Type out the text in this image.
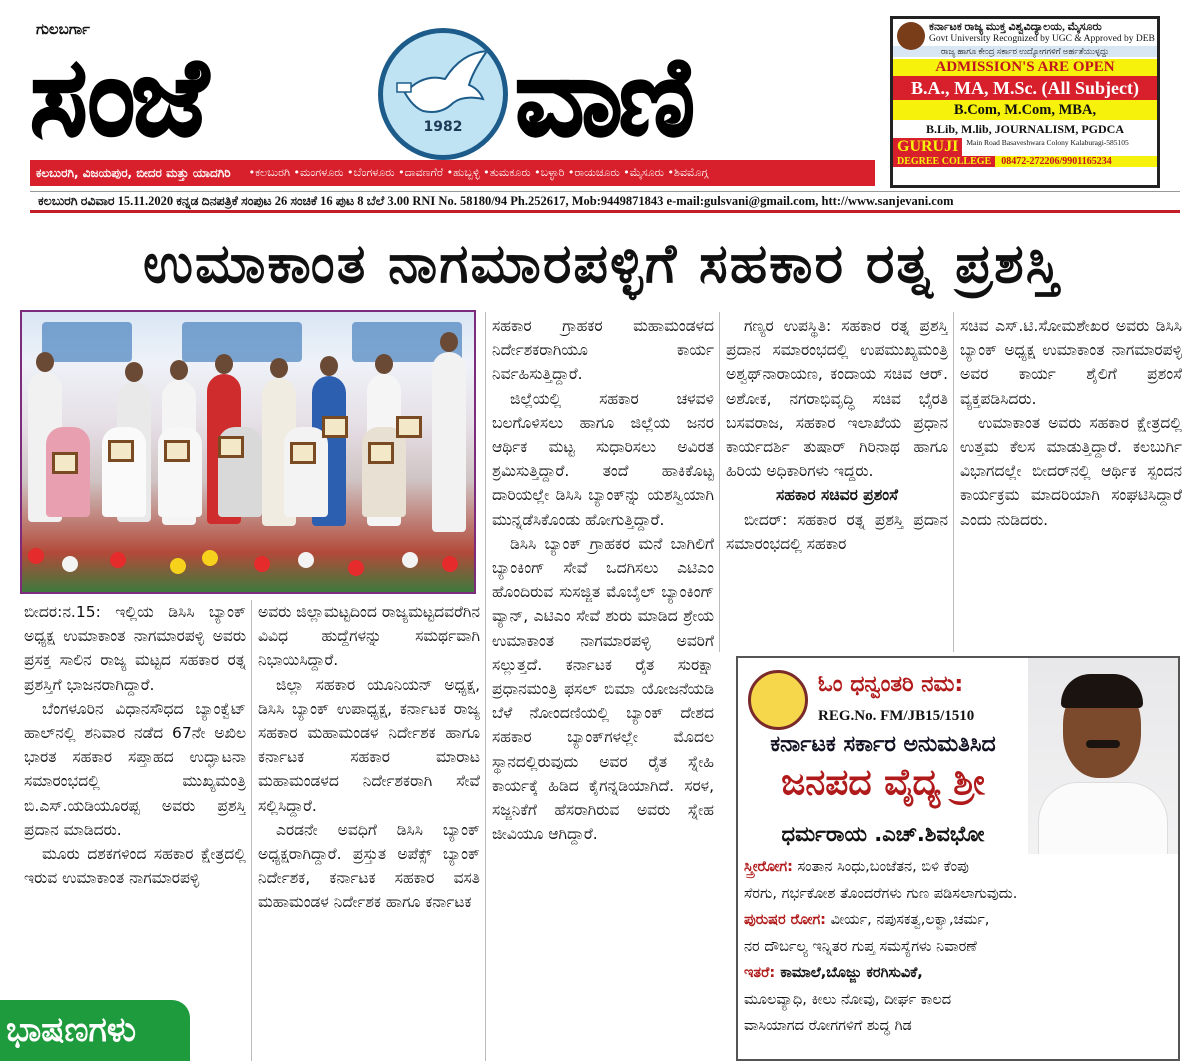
ಗುಲಬರ್ಗಾ
ಸಂಜೆ	1982 ವಾಣಿ
ಕಲಬುರಗಿ, ವಿಜಯಪುರ, ಬೀದರ ಮತ್ತು ಯಾದಗಿರಿ •ಕಲಬುರಗಿ •ಮಂಗಳೂರು •ಬೆಂಗಳೂರು •ದಾವಣಗೆರೆ •ಹುಬ್ಬಳ್ಳಿ •ತುಮಕೂರು •ಬಳ್ಳಾರಿ •ರಾಯಚೂರು •ಮೈಸೂರು •ಶಿವಮೊಗ್ಗ
ಕಲಬುರಗಿ ರವಿವಾರ 15.11.2020 ಕನ್ನಡ ದಿನಪತ್ರಿಕೆ ಸಂಪುಟ 26 ಸಂಚಿಕೆ 16 ಪುಟ 8 ಬೆಲೆ 3.00 RNI No. 58180/94 Ph.252617, Mob:9449871843 e-mail:gulsvani@gmail.com, htt://www.sanjevani.com
ಕರ್ನಾಟಕ ರಾಜ್ಯ ಮುಕ್ತ ವಿಶ್ವವಿದ್ಯಾಲಯ, ಮೈಸೂರು
Govt University Recognized by UGC & Approved by DEB
ರಾಜ್ಯ ಹಾಗೂ ಕೇಂದ್ರ ಸರ್ಕಾರ ಉದ್ಯೋಗಗಳಿಗೆ ಅರ್ಹತೆಯುಳ್ಳದ್ದು
ADMISSION'S ARE OPEN
B.A., MA, M.Sc. (All Subject)
B.Com, M.Com, MBA,
B.Lib, M.lib, JOURNALISM, PGDCA
GURUJI	Main Road Basaveshwara Colony Kalaburagi-585105
DEGREE COLLEGE	08472-272206/9901165234
ಉಮಾಕಾಂತ ನಾಗಮಾರಪಳ್ಳಿಗೆ ಸಹಕಾರ ರತ್ನ ಪ್ರಶಸ್ತಿ

ಬೀದರ:ನ.15: ಇಲ್ಲಿಯ ಡಿಸಿಸಿ ಬ್ಯಾಂಕ್ ಅಧ್ಯಕ್ಷ ಉಮಾಕಾಂತ ನಾಗಮಾರಪಳ್ಳಿ ಅವರು ಪ್ರಸಕ್ತ ಸಾಲಿನ ರಾಜ್ಯ ಮಟ್ಟದ ಸಹಕಾರ ರತ್ನ ಪ್ರಶಸ್ತಿಗೆ ಭಾಜನರಾಗಿದ್ದಾರೆ.

ಬೆಂಗಳೂರಿನ ವಿಧಾನಸೌಧದ ಬ್ಯಾಂಕ್ವೆಟ್ ಹಾಲ್‌ನಲ್ಲಿ ಶನಿವಾರ ನಡೆದ 67ನೇ ಅಖಿಲ ಭಾರತ ಸಹಕಾರ ಸಪ್ತಾಹದ ಉದ್ಘಾಟನಾ ಸಮಾರಂಭದಲ್ಲಿ ಮುಖ್ಯಮಂತ್ರಿ ಬಿ.ಎಸ್.ಯಡಿಯೂರಪ್ಪ ಅವರು ಪ್ರಶಸ್ತಿ ಪ್ರದಾನ ಮಾಡಿದರು.

ಮೂರು ದಶಕಗಳಿಂದ ಸಹಕಾರ ಕ್ಷೇತ್ರದಲ್ಲಿ ಇರುವ ಉಮಾಕಾಂತ ನಾಗಮಾರಪಳ್ಳಿ

ಅವರು ಜಿಲ್ಲಾಮಟ್ಟದಿಂದ ರಾಜ್ಯಮಟ್ಟದವರೆಗಿನ ವಿವಿಧ ಹುದ್ದೆಗಳನ್ನು ಸಮರ್ಥವಾಗಿ ನಿಭಾಯಿಸಿದ್ದಾರೆ.

ಜಿಲ್ಲಾ ಸಹಕಾರ ಯೂನಿಯನ್ ಅಧ್ಯಕ್ಷ, ಡಿಸಿಸಿ ಬ್ಯಾಂಕ್ ಉಪಾಧ್ಯಕ್ಷ, ಕರ್ನಾಟಕ ರಾಜ್ಯ ಸಹಕಾರ ಮಹಾಮಂಡಳ ನಿರ್ದೇಶಕ ಹಾಗೂ ಕರ್ನಾಟಕ ಸಹಕಾರ ಮಾರಾಟ ಮಹಾಮಂಡಳದ ನಿರ್ದೇಶಕರಾಗಿ ಸೇವೆ ಸಲ್ಲಿಸಿದ್ದಾರೆ.

ಎರಡನೇ ಅವಧಿಗೆ ಡಿಸಿಸಿ ಬ್ಯಾಂಕ್ ಅಧ್ಯಕ್ಷರಾಗಿದ್ದಾರೆ. ಪ್ರಸ್ತುತ ಅಪೆಕ್ಸ್ ಬ್ಯಾಂಕ್ ನಿರ್ದೇಶಕ, ಕರ್ನಾಟಕ ಸಹಕಾರ ವಸತಿ ಮಹಾಮಂಡಳ ನಿರ್ದೇಶಕ ಹಾಗೂ ಕರ್ನಾಟಕ

ಸಹಕಾರ ಗ್ರಾಹಕರ ಮಹಾಮಂಡಳದ ನಿರ್ದೇಶಕರಾಗಿಯೂ ಕಾರ್ಯ ನಿರ್ವಹಿಸುತ್ತಿದ್ದಾರೆ.

ಜಿಲ್ಲೆಯಲ್ಲಿ ಸಹಕಾರ ಚಳವಳಿ ಬಲಗೊಳಿಸಲು ಹಾಗೂ ಜಿಲ್ಲೆಯ ಜನರ ಆರ್ಥಿಕ ಮಟ್ಟ ಸುಧಾರಿಸಲು ಅವಿರತ ಶ್ರಮಿಸುತ್ತಿದ್ದಾರೆ. ತಂದೆ ಹಾಕಿಕೊಟ್ಟ ದಾರಿಯಲ್ಲೇ ಡಿಸಿಸಿ ಬ್ಯಾಂಕ್‌ನ್ನು ಯಶಸ್ವಿಯಾಗಿ ಮುನ್ನಡೆಸಿಕೊಂಡು ಹೋಗುತ್ತಿದ್ದಾರೆ.

ಡಿಸಿಸಿ ಬ್ಯಾಂಕ್ ಗ್ರಾಹಕರ ಮನೆ ಬಾಗಿಲಿಗೆ ಬ್ಯಾಂಕಿಂಗ್ ಸೇವೆ ಒದಗಿಸಲು ಎಟಿಎಂ ಹೊಂದಿರುವ ಸುಸಜ್ಜಿತ ಮೊಬೈಲ್ ಬ್ಯಾಂಕಿಂಗ್ ವ್ಯಾನ್, ಎಟಿಎಂ ಸೇವೆ ಶುರು ಮಾಡಿದ ಶ್ರೇಯ ಉಮಾಕಾಂತ ನಾಗಮಾರಪಳ್ಳಿ ಅವರಿಗೆ ಸಲ್ಲುತ್ತದೆ. ಕರ್ನಾಟಕ ರೈತ ಸುರಕ್ಷಾ ಪ್ರಧಾನಮಂತ್ರಿ ಫಸಲ್ ಬಿಮಾ ಯೋಜನೆಯಡಿ ಬೆಳೆ ನೋಂದಣಿಯಲ್ಲಿ ಬ್ಯಾಂಕ್ ದೇಶದ ಸಹಕಾರ ಬ್ಯಾಂಕ್‌ಗಳಲ್ಲೇ ಮೊದಲ ಸ್ಥಾನದಲ್ಲಿರುವುದು ಅವರ ರೈತ ಸ್ನೇಹಿ ಕಾರ್ಯಕ್ಕೆ ಹಿಡಿದ ಕೈಗನ್ನಡಿಯಾಗಿದೆ. ಸರಳ, ಸಜ್ಜನಿಕೆಗೆ ಹೆಸರಾಗಿರುವ ಅವರು ಸ್ನೇಹ ಜೀವಿಯೂ ಆಗಿದ್ದಾರೆ.

ಗಣ್ಯರ ಉಪಸ್ಥಿತಿ: ಸಹಕಾರ ರತ್ನ ಪ್ರಶಸ್ತಿ ಪ್ರದಾನ ಸಮಾರಂಭದಲ್ಲಿ ಉಪಮುಖ್ಯಮಂತ್ರಿ ಅಶ್ವಥ್‌ನಾರಾಯಣ, ಕಂದಾಯ ಸಚಿವ ಆರ್. ಅಶೋಕ, ನಗರಾಭಿವೃದ್ಧಿ ಸಚಿವ ಭೈರತಿ ಬಸವರಾಜ, ಸಹಕಾರ ಇಲಾಖೆಯ ಪ್ರಧಾನ ಕಾರ್ಯದರ್ಶಿ ತುಷಾರ್ ಗಿರಿನಾಥ ಹಾಗೂ ಹಿರಿಯ ಅಧಿಕಾರಿಗಳು ಇದ್ದರು.

ಸಹಕಾರ ಸಚಿವರ ಪ್ರಶಂಸೆ

ಬೀದರ್: ಸಹಕಾರ ರತ್ನ ಪ್ರಶಸ್ತಿ ಪ್ರದಾನ ಸಮಾರಂಭದಲ್ಲಿ ಸಹಕಾರ

ಸಚಿವ ಎಸ್.ಟಿ.ಸೋಮಶೇಖರ ಅವರು ಡಿಸಿಸಿ ಬ್ಯಾಂಕ್ ಅಧ್ಯಕ್ಷ ಉಮಾಕಾಂತ ನಾಗಮಾರಪಳ್ಳಿ ಅವರ ಕಾರ್ಯ ಶೈಲಿಗೆ ಪ್ರಶಂಸೆ ವ್ಯಕ್ತಪಡಿಸಿದರು.

ಉಮಾಕಾಂತ ಅವರು ಸಹಕಾರ ಕ್ಷೇತ್ರದಲ್ಲಿ ಉತ್ತಮ ಕೆಲಸ ಮಾಡುತ್ತಿದ್ದಾರೆ. ಕಲಬುರ್ಗಿ ವಿಭಾಗದಲ್ಲೇ ಬೀದರ್‌ನಲ್ಲಿ ಆರ್ಥಿಕ ಸ್ಪಂದನ ಕಾರ್ಯಕ್ರಮ ಮಾದರಿಯಾಗಿ ಸಂಘಟಿಸಿದ್ದಾರೆ ಎಂದು ನುಡಿದರು.

ಭಾಷಣಗಳು
ಓಂ ಧನ್ವಂತರಿ ನಮ:
REG.No. FM/JB15/1510
ಕರ್ನಾಟಕ ಸರ್ಕಾರ ಅನುಮತಿಸಿದ
ಜನಪದ ವೈದ್ಯ ಶ್ರೀ
ಧರ್ಮರಾಯ .ಎಚ್.ಶಿವಭೋ
ಸ್ತ್ರೀರೋಗ: ಸಂತಾನ ಸಿಂಧು,ಬಂಜೆತನ, ಬಿಳಿ ಕೆಂಪು
ಸೆರಗು, ಗರ್ಭಕೋಶ ತೊಂದರೆಗಳು ಗುಣ ಪಡಿಸಲಾಗುವುದು.
ಪುರುಷರ ರೋಗ: ವೀರ್ಯ, ನಪುಸಕತ್ವ,ಲಕ್ವಾ,ಚರ್ಮ,
ನರ ದೌರ್ಬಲ್ಯ ಇನ್ನಿತರ ಗುಪ್ತ ಸಮಸ್ಯೆಗಳು ನಿವಾರಣೆ
ಇತರೆ: ಕಾಮಾಲೆ,ಬೊಜ್ಜು ಕರಗಿಸುವಿಕೆ,
ಮೂಲವ್ಯಾಧಿ, ಕೀಲು ನೋವು, ದೀರ್ಘ ಕಾಲದ
ವಾಸಿಯಾಗದ ರೋಗಗಳಿಗೆ ಶುದ್ಧ ಗಿಡ
